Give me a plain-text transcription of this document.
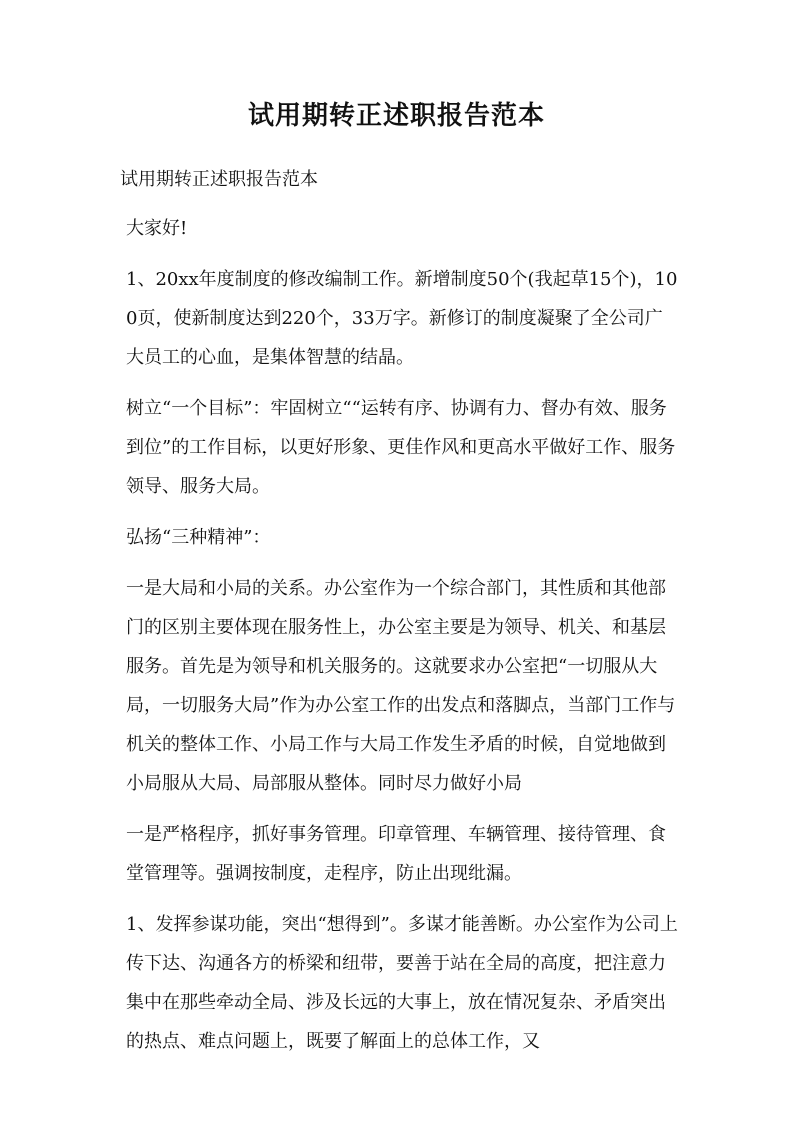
试用期转正述职报告范本

试用期转正述职报告范本

大家好!

1、20xx年度制度的修改编制工作。新增制度50个(我起草15个)，100页，使新制度达到220个，33万字。新修订的制度凝聚了全公司广大员工的心血，是集体智慧的结晶。

树立“一个目标”：牢固树立““运转有序、协调有力、督办有效、服务到位”的工作目标，以更好形象、更佳作风和更高水平做好工作、服务领导、服务大局。

弘扬“三种精神”：

一是大局和小局的关系。办公室作为一个综合部门，其性质和其他部门的区别主要体现在服务性上，办公室主要是为领导、机关、和基层服务。首先是为领导和机关服务的。这就要求办公室把“一切服从大局，一切服务大局”作为办公室工作的出发点和落脚点，当部门工作与机关的整体工作、小局工作与大局工作发生矛盾的时候，自觉地做到小局服从大局、局部服从整体。同时尽力做好小局

一是严格程序，抓好事务管理。印章管理、车辆管理、接待管理、食堂管理等。强调按制度，走程序，防止出现纰漏。

1、发挥参谋功能，突出“想得到”。多谋才能善断。办公室作为公司上传下达、沟通各方的桥梁和纽带，要善于站在全局的高度，把注意力集中在那些牵动全局、涉及长远的大事上，放在情况复杂、矛盾突出的热点、难点问题上，既要了解面上的总体工作，又
